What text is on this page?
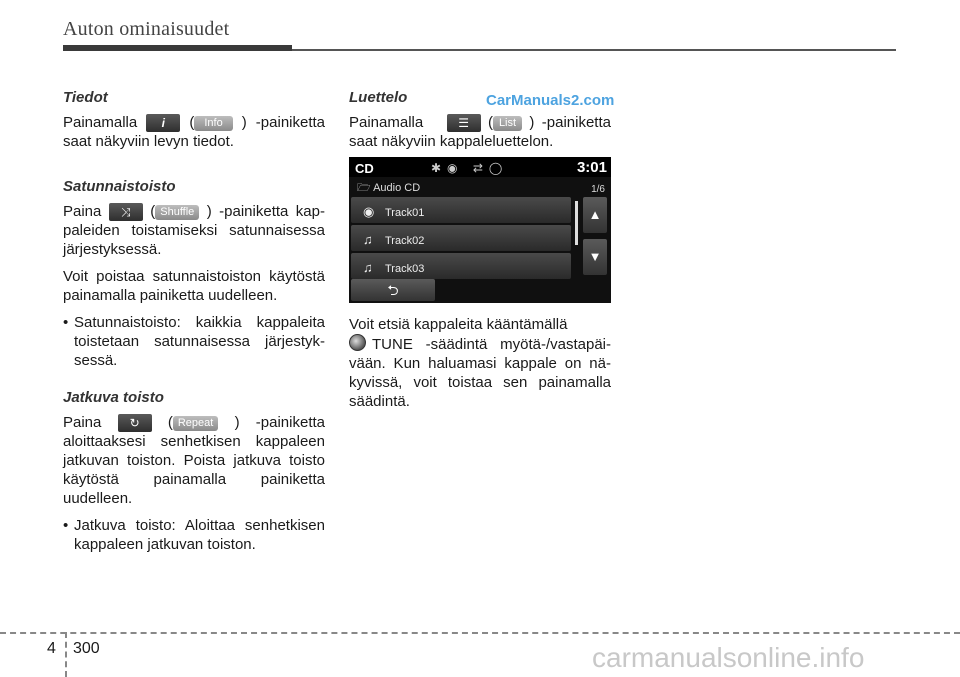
Auton ominaisuudet
Tiedot

Painamalla i ( Info ) -painiketta saat näkyviin levyn tiedot.

Satunnaistoisto

Paina ⤨ ( Shuffle ) -painiketta kappaleiden toistamiseksi satunnaisessa järjestyksessä.

Voit poistaa satunnaistoiston käytöstä painamalla painiketta uudelleen.

• Satunnaistoisto: kaikkia kappaleita toistetaan satunnaisessa järjestyksessä.
Jatkuva toisto

Paina ↻ ( Repeat ) -painiketta aloittaaksesi senhetkisen kappaleen jatkuvan toiston. Poista jatkuva toisto käytöstä painamalla painiketta uudelleen.

• Jatkuva toisto: Aloittaa senhetkisen kappaleen jatkuvan toiston.
CarManuals2.com
Luettelo

Painamalla	☰ ( List ) -painiketta saat näkyviin kappaleluettelon.

CD	✱◉ ⇄◯	3:01
🗁 Audio CD	1/6
◉ Track01
♫ Track02
♫ Track03
▲
▼
⮌

Voit etsiä kappaleita kääntämällä
TUNE -säädintä myötä-/vastapäivään. Kun haluamasi kappale on näkyvissä, voit toistaa sen painamalla säädintä.

4 300	carmanualsonline.info
